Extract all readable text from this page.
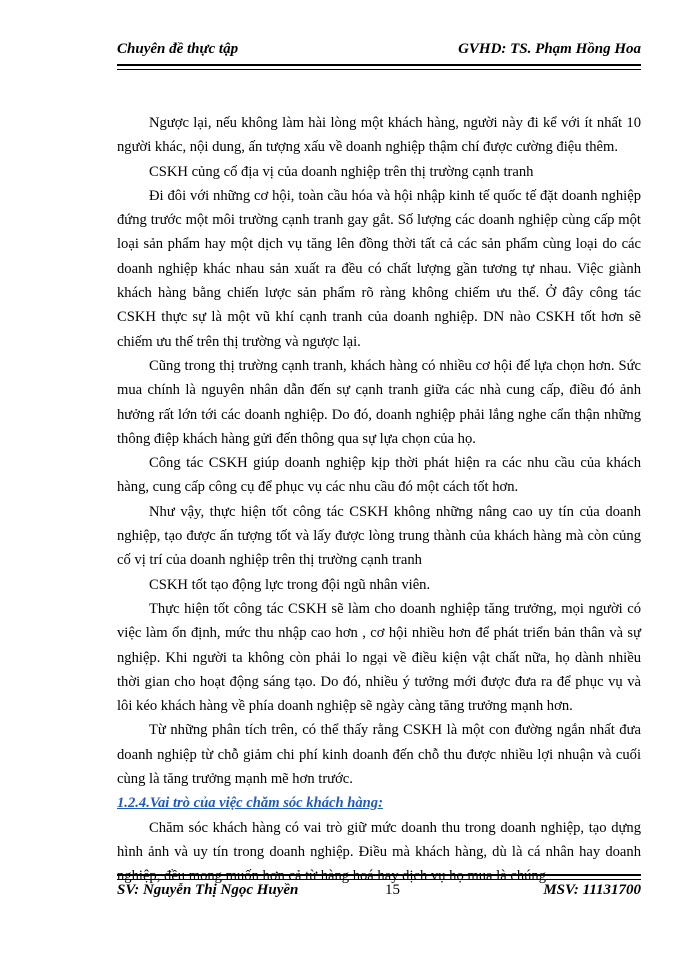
Chuyên đề thực tập	GVHD: TS. Phạm Hồng Hoa

Ngược lại, nếu không làm hài lòng một khách hàng, người này đi kể với ít nhất 10 người khác, nội dung, ấn tượng xấu về doanh nghiệp thậm chí được cường điệu thêm.

CSKH củng cố địa vị của doanh nghiệp trên thị trường cạnh tranh

Đi đôi với những cơ hội, toàn cầu hóa và hội nhập kinh tế quốc tế đặt doanh nghiệp đứng trước một môi trường cạnh tranh gay gắt. Số lượng các doanh nghiệp cùng cấp một loại sản phẩm hay một dịch vụ tăng lên đồng thời tất cả các sản phẩm cùng loại do các doanh nghiệp khác nhau sản xuất ra đều có chất lượng gần tương tự nhau. Việc giành khách hàng bằng chiến lược sản phẩm rõ ràng không chiếm ưu thế. Ở đây công tác CSKH thực sự là một vũ khí cạnh tranh của doanh nghiệp. DN nào CSKH tốt hơn sẽ chiếm ưu thế trên thị trường và ngược lại.

Cũng trong thị trường cạnh tranh, khách hàng có nhiều cơ hội để lựa chọn hơn. Sức mua chính là nguyên nhân dẫn đến sự cạnh tranh giữa các nhà cung cấp, điều đó ảnh hưởng rất lớn tới các doanh nghiệp. Do đó, doanh nghiệp phải lắng nghe cẩn thận những thông điệp khách hàng gửi đến thông qua sự lựa chọn của họ.

Công tác CSKH giúp doanh nghiệp kịp thời phát hiện ra các nhu cầu của khách hàng, cung cấp công cụ để phục vụ các nhu cầu đó một cách tốt hơn.

Như vậy, thực hiện tốt công tác CSKH không những nâng cao uy tín của doanh nghiệp, tạo được ấn tượng tốt và lấy được lòng trung thành của khách hàng mà còn củng cố vị trí của doanh nghiệp trên thị trường cạnh tranh

CSKH tốt tạo động lực trong đội ngũ nhân viên.

Thực hiện tốt công tác CSKH sẽ làm cho doanh nghiệp tăng trưởng, mọi người có việc làm ổn định, mức thu nhập cao hơn , cơ hội nhiều hơn để phát triển bản thân và sự nghiệp. Khi người ta không còn phải lo ngại về điều kiện vật chất nữa, họ dành nhiều thời gian cho hoạt động sáng tạo. Do đó, nhiều ý tưởng mới được đưa ra để phục vụ và lôi kéo khách hàng về phía doanh nghiệp sẽ ngày càng tăng trưởng mạnh hơn.

Từ những phân tích trên, có thể thấy rằng CSKH là một con đường ngắn nhất đưa doanh nghiệp từ chỗ giảm chi phí kinh doanh đến chỗ thu được nhiều lợi nhuận và cuối cùng là tăng trưởng mạnh mẽ hơn trước.

1.2.4.Vai trò của việc chăm sóc khách hàng:

Chăm sóc khách hàng có vai trò giữ mức doanh thu trong doanh nghiệp, tạo dựng hình ảnh và uy tín trong doanh nghiệp. Điều mà khách hàng, dù là cá nhân hay doanh nghiệp, đều mong muốn hơn cả từ hàng hoá hay dịch vụ họ mua là chúng

SV: Nguyễn Thị Ngọc Huyền	15	MSV: 11131700
